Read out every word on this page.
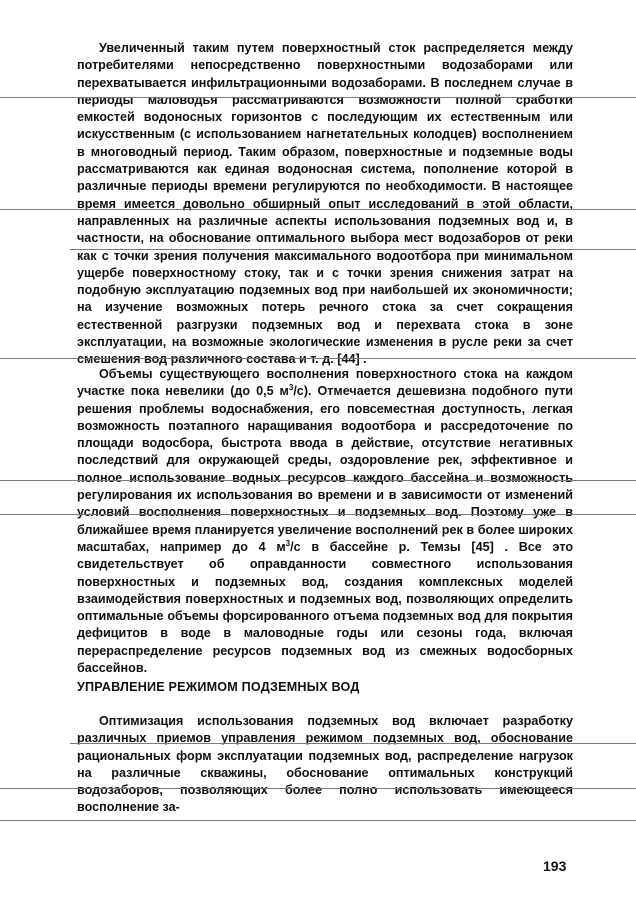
Увеличенный таким путем поверхностный сток распределяется между потребителями непосредственно поверхностными водозаборами или перехватывается инфильтрационными водозаборами. В последнем случае в периоды маловодья рассматриваются возможности полной сработки емкостей водоносных горизонтов с последующим их естественным или искусственным (с использованием нагнетательных колодцев) восполнением в многоводный период. Таким образом, поверхностные и подземные воды рассматриваются как единая водоносная система, пополнение которой в различные периоды времени регулируются по необходимости. В настоящее время имеется довольно обширный опыт исследований в этой области, направленных на различные аспекты использования подземных вод и, в частности, на обоснование оптимального выбора мест водозаборов от реки как с точки зрения получения максимального водоотбора при минимальном ущербе поверхностному стоку, так и с точки зрения снижения затрат на подобную эксплуатацию подземных вод при наибольшей их экономичности; на изучение возможных потерь речного стока за счет сокращения естественной разгрузки подземных вод и перехвата стока в зоне эксплуатации, на возможные экологические изменения в русле реки за счет смешения вод различного состава и т. д. [44] .

Объемы существующего восполнения поверхностного стока на каждом участке пока невелики (до 0,5 $м^3/с$). Отмечается дешевизна подобного пути решения проблемы водоснабжения, его повсеместная доступность, легкая возможность поэтапного наращивания водоотбора и рассредоточение по площади водосбора, быстрота ввода в действие, отсутствие негативных последствий для окружающей среды, оздоровление рек, эффективное и полное использование водных ресурсов каждого бассейна и возможность регулирования их использования во времени и в зависимости от изменений условий восполнения поверхностных и подземных вод. Поэтому уже в ближайшее время планируется увеличение восполнений рек в более широких масштабах, например до 4 $м^3/с$ в бассейне р. Темзы [45] . Все это свидетельствует об оправданности совместного использования поверхностных и подземных вод, создания комплексных моделей взаимодействия поверхностных и подземных вод, позволяющих определить оптимальные объемы форсированного отъема подземных вод для покрытия дефицитов в воде в маловодные годы или сезоны года, включая перераспределение ресурсов подземных вод из смежных водосборных бассейнов.

УПРАВЛЕНИЕ РЕЖИМОМ ПОДЗЕМНЫХ ВОД

Оптимизация использования подземных вод включает разработку различных приемов управления режимом подземных вод, обоснование рациональных форм эксплуатации подземных вод, распределение нагрузок на различные скважины, обоснование оптимальных конструкций водозаборов, позволяющих более полно использовать имеющееся восполнение за-

193
